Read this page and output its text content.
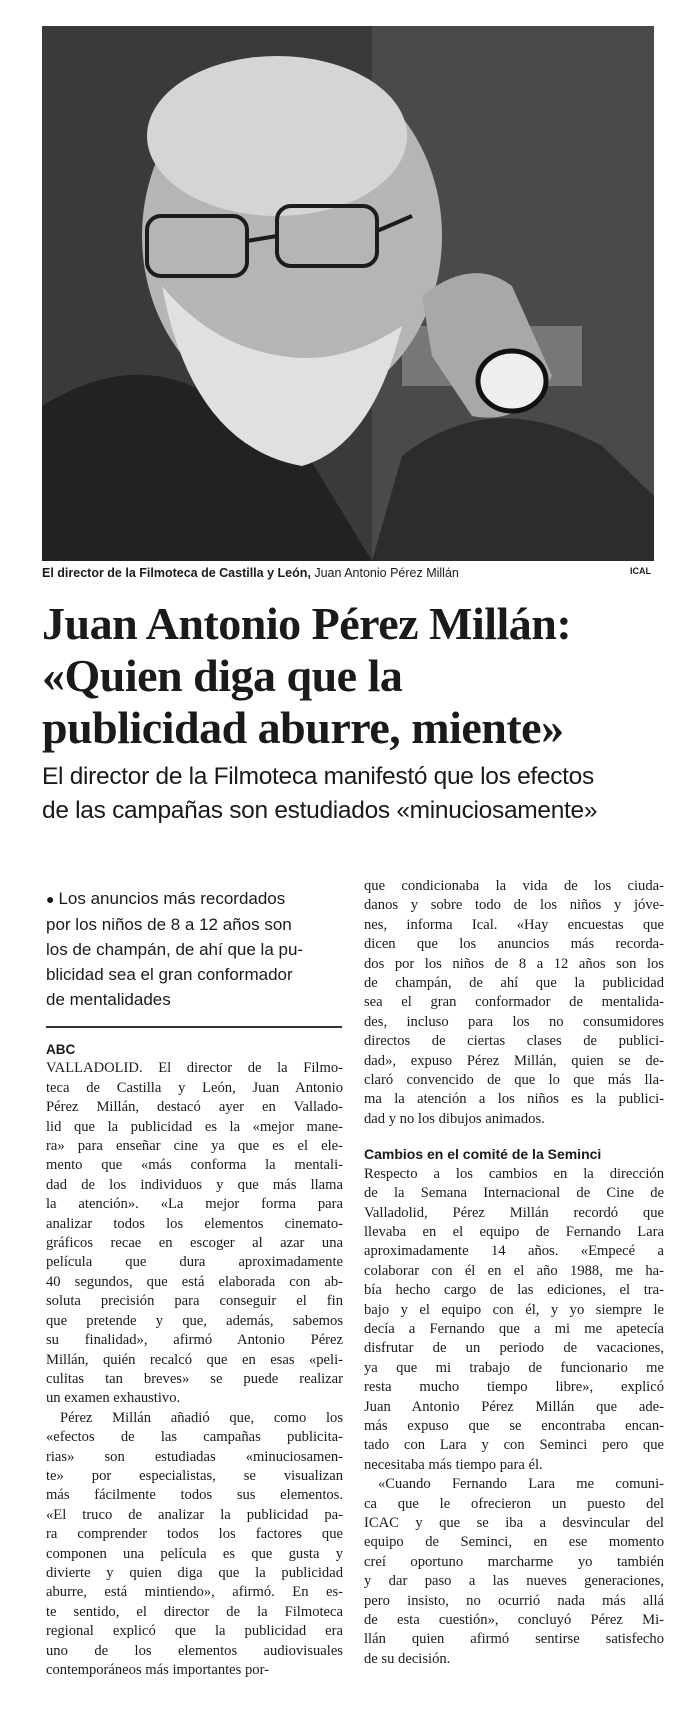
El director de la Filmoteca de Castilla y León, Juan Antonio Pérez Millán	ICAL
Juan Antonio Pérez Millán:
«Quien diga que la
publicidad aburre, miente»
El director de la Filmoteca manifestó que los efectos
de las campañas son estudiados «minuciosamente»
● Los anuncios más recordados
por los niños de 8 a 12 años son
los de champán, de ahí que la pu-
blicidad sea el gran conformador
de mentalidades
ABC
VALLADOLID. El director de la Filmo-
teca de Castilla y León, Juan Antonio
Pérez Millán, destacó ayer en Vallado-
lid que la publicidad es la «mejor mane-
ra» para enseñar cine ya que es el ele-
mento que «más conforma la mentali-
dad de los individuos y que más llama
la atención». «La mejor forma para
analizar todos los elementos cinemato-
gráficos recae en escoger al azar una
película que dura aproximadamente
40 segundos, que está elaborada con ab-
soluta precisión para conseguir el fin
que pretende y que, además, sabemos
su finalidad», afirmó Antonio Pérez
Millán, quién recalcó que en esas «peli-
culitas tan breves» se puede realizar
un examen exhaustivo.
Pérez Millán añadió que, como los
«efectos de las campañas publicita-
rias» son estudiadas «minuciosamen-
te» por especialistas, se visualizan
más fácilmente todos sus elementos.
«El truco de analizar la publicidad pa-
ra comprender todos los factores que
componen una película es que gusta y
divierte y quien diga que la publicidad
aburre, está mintiendo», afirmó. En es-
te sentido, el director de la Filmoteca
regional explicó que la publicidad era
uno de los elementos audiovisuales
contemporáneos más importantes por-
que condicionaba la vida de los ciuda-
danos y sobre todo de los niños y jóve-
nes, informa Ical. «Hay encuestas que
dicen que los anuncios más recorda-
dos por los niños de 8 a 12 años son los
de champán, de ahí que la publicidad
sea el gran conformador de mentalida-
des, incluso para los no consumidores
directos de ciertas clases de publici-
dad», expuso Pérez Millán, quien se de-
claró convencido de que lo que más lla-
ma la atención a los niños es la publici-
dad y no los dibujos animados.
Cambios en el comité de la Seminci
Respecto a los cambios en la dirección
de la Semana Internacional de Cine de
Valladolid, Pérez Millán recordó que
llevaba en el equipo de Fernando Lara
aproximadamente 14 años. «Empecé a
colaborar con él en el año 1988, me ha-
bía hecho cargo de las ediciones, el tra-
bajo y el equipo con él, y yo siempre le
decía a Fernando que a mi me apetecía
disfrutar de un periodo de vacaciones,
ya que mi trabajo de funcionario me
resta mucho tiempo libre», explicó
Juan Antonio Pérez Millán que ade-
más expuso que se encontraba encan-
tado con Lara y con Seminci pero que
necesitaba más tiempo para él.
«Cuando Fernando Lara me comuni-
ca que le ofrecieron un puesto del
ICAC y que se iba a desvincular del
equipo de Seminci, en ese momento
creí oportuno marcharme yo también
y dar paso a las nueves generaciones,
pero insisto, no ocurrió nada más allá
de esta cuestión», concluyó Pérez Mi-
llán quien afirmó sentirse satisfecho
de su decisión.
